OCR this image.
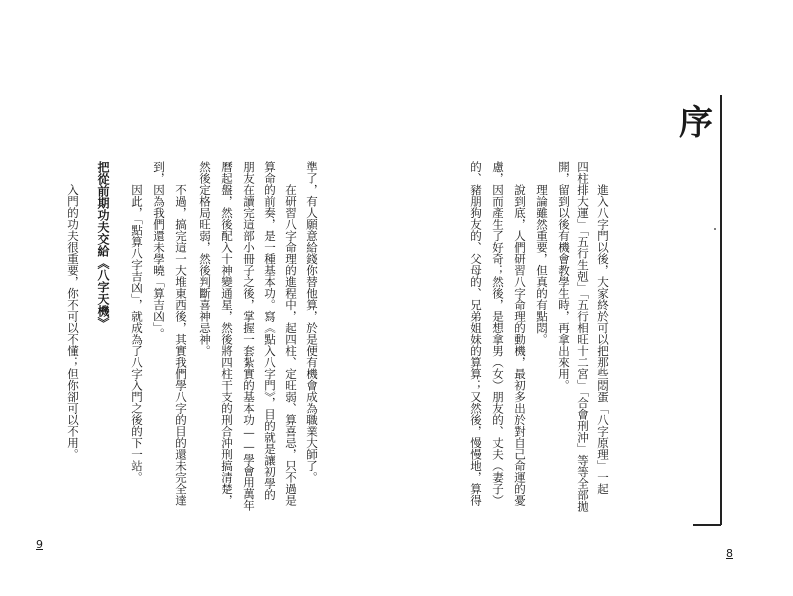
序
進入八字門以後，大家終於可以把那些悶蛋「八字原理」一起
四柱排大運」「五行生剋」「五行相旺十二宮」「合會刑沖」等等全部拋
開，留到以後有機會教學生時，再拿出來用。
理論雖然重要，但真的有點悶。
說到底，人們研習八字命理的動機，最初多出於對自己命運的憂
慮，因而產生了好奇；然後，是想拿男（女）朋友的、丈夫（妻子）
的、豬朋狗友的、父母的、兄弟姐妹的算算；又然後，慢慢地，算得
8
準了，有人願意給錢你替他算，於是便有機會成為職業大師了。
在研習八字命理的進程中，起四柱、定旺弱、算喜忌，只不過是
算命的前奏，是一種基本功。寫《點入八字門》，目的就是讓初學的
朋友在讀完這部小冊子之後，掌握一套紮實的基本功——學會用萬年
曆起盤，然後配入十神變通星，然後將四柱干支的刑合沖刑搞清楚，
然後定格局旺弱，然後判斷喜神忌神。
不過，搞完這一大堆東西後，其實我們學八字的目的還未完全達
到，因為我們還未學曉「算吉凶」。
因此，「點算八字吉凶」，就成為了八字入門之後的下一站。
把從前期功夫交給《八字天機》
入門的功夫很重要，你不可以不懂；但你卻可以不用。
9
